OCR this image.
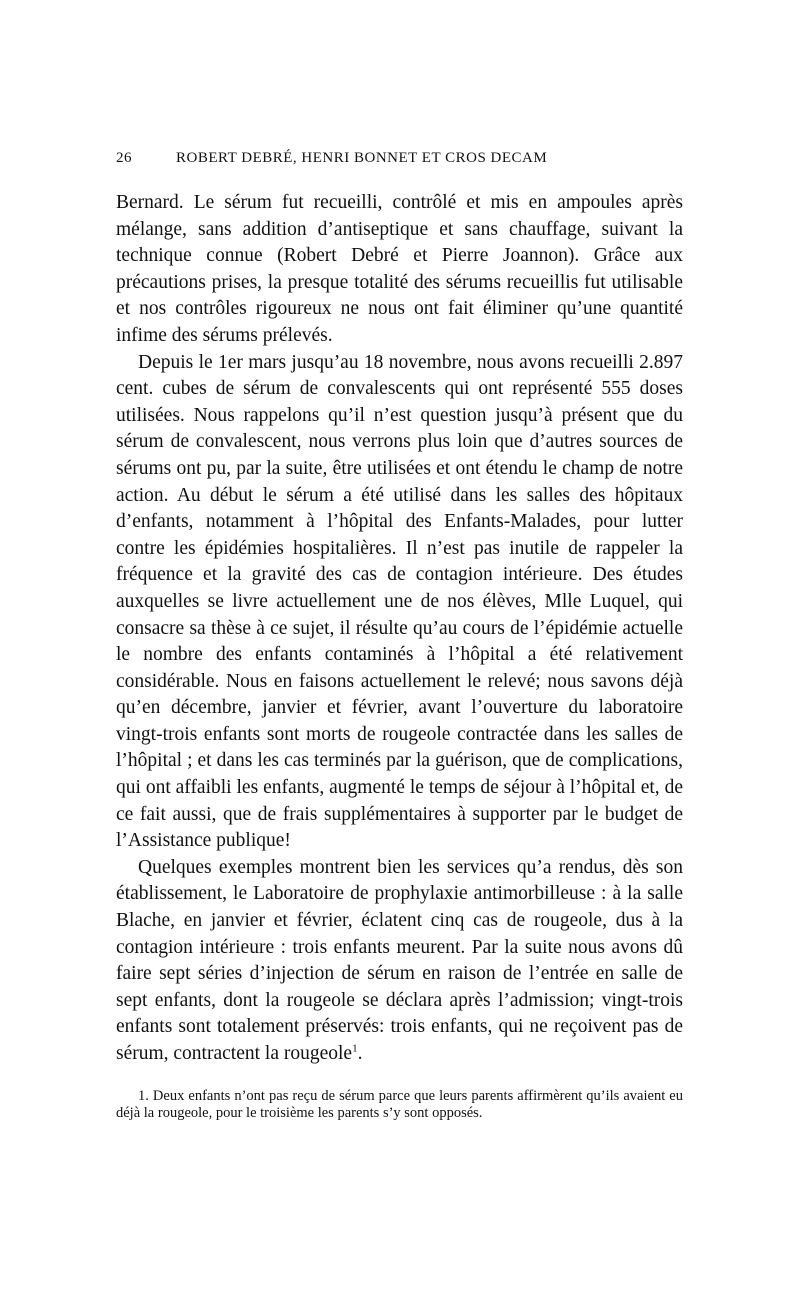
26	ROBERT DEBRÉ, HENRI BONNET ET CROS DECAM

Bernard. Le sérum fut recueilli, contrôlé et mis en ampoules après mélange, sans addition d’antiseptique et sans chauffage, suivant la technique connue (Robert Debré et Pierre Joannon). Grâce aux précautions prises, la presque totalité des sérums recueillis fut utilisable et nos contrôles rigoureux ne nous ont fait éliminer qu’une quantité infime des sérums prélevés.

Depuis le 1er mars jusqu’au 18 novembre, nous avons recueilli 2.897 cent. cubes de sérum de convalescents qui ont représenté 555 doses utilisées. Nous rappelons qu’il n’est question jusqu’à présent que du sérum de convalescent, nous verrons plus loin que d’autres sources de sérums ont pu, par la suite, être utilisées et ont étendu le champ de notre action. Au début le sérum a été utilisé dans les salles des hôpitaux d’enfants, notamment à l’hôpital des Enfants-Malades, pour lutter contre les épidémies hospitalières. Il n’est pas inutile de rappeler la fréquence et la gravité des cas de contagion intérieure. Des études auxquelles se livre actuellement une de nos élèves, Mlle Luquel, qui consacre sa thèse à ce sujet, il résulte qu’au cours de l’épidémie actuelle le nombre des enfants contaminés à l’hôpital a été relativement considérable. Nous en faisons actuellement le relevé; nous savons déjà qu’en décembre, janvier et février, avant l’ouverture du laboratoire vingt-trois enfants sont morts de rougeole contractée dans les salles de l’hôpital ; et dans les cas terminés par la guérison, que de complications, qui ont affaibli les enfants, augmenté le temps de séjour à l’hôpital et, de ce fait aussi, que de frais supplémentaires à supporter par le budget de l’Assistance publique!

Quelques exemples montrent bien les services qu’a rendus, dès son établissement, le Laboratoire de prophylaxie antimorbilleuse : à la salle Blache, en janvier et février, éclatent cinq cas de rougeole, dus à la contagion intérieure : trois enfants meurent. Par la suite nous avons dû faire sept séries d’injection de sérum en raison de l’entrée en salle de sept enfants, dont la rougeole se déclara après l’admission; vingt-trois enfants sont totalement préservés: trois enfants, qui ne reçoivent pas de sérum, contractent la rougeole$^1$.

1. Deux enfants n’ont pas reçu de sérum parce que leurs parents affirmèrent qu’ils avaient eu déjà la rougeole, pour le troisième les parents s’y sont opposés.
